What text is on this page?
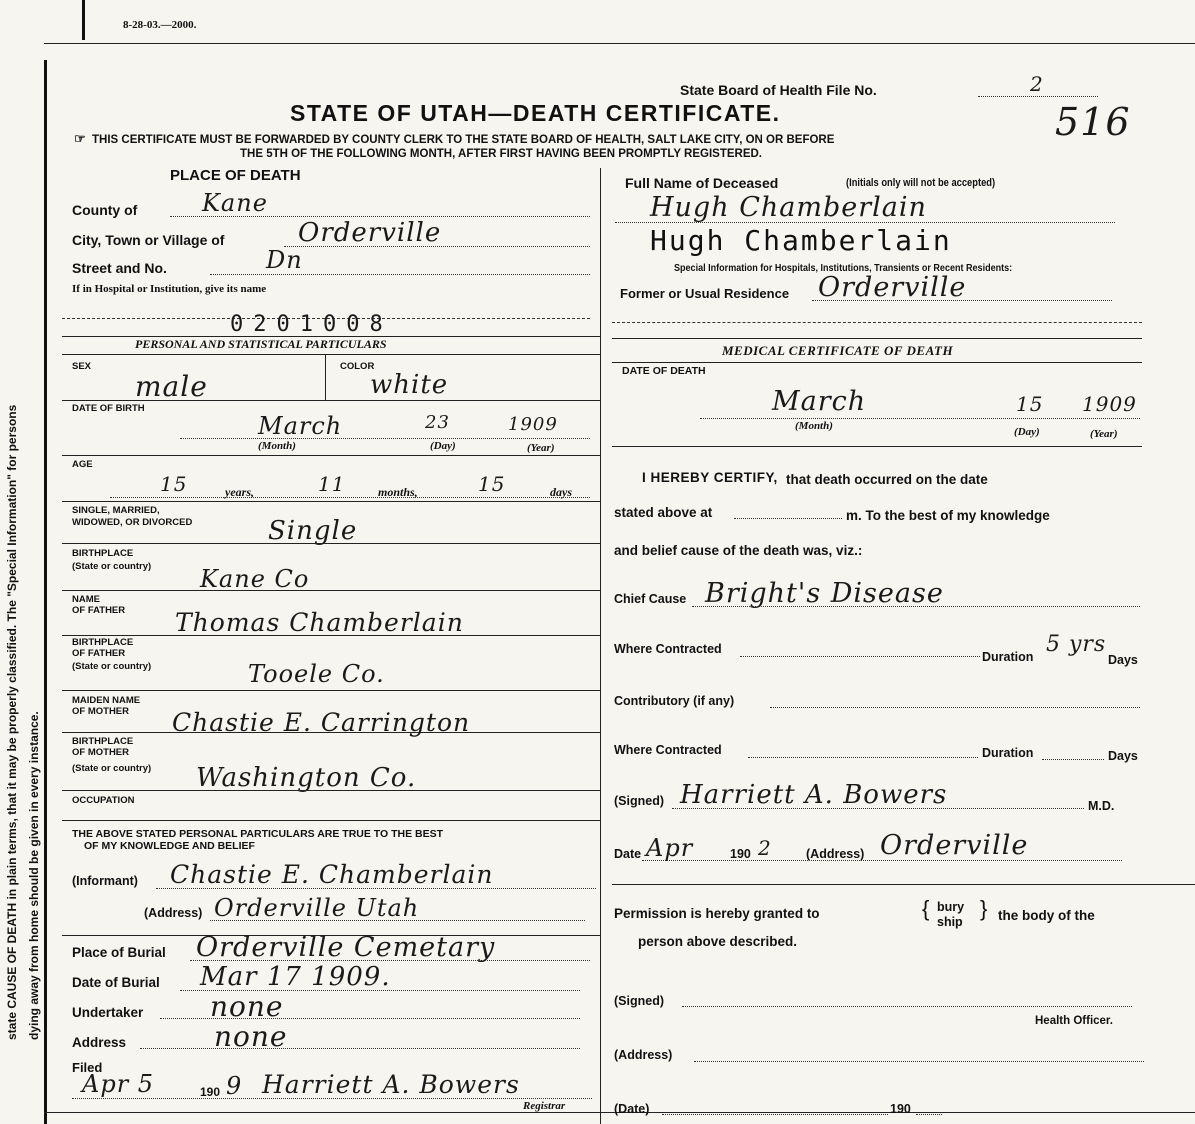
state CAUSE OF DEATH in plain terms, that it may be properly classified. The "Special Information" for persons dying away from home should be given in every instance.
8-28-03.—2000.
State Board of Health File No.	2
516
STATE OF UTAH—DEATH CERTIFICATE.
☞ THIS CERTIFICATE MUST BE FORWARDED BY COUNTY CLERK TO THE STATE BOARD OF HEALTH, SALT LAKE CITY, ON OR BEFORE
THE 5TH OF THE FOLLOWING MONTH, AFTER FIRST HAVING BEEN PROMPTLY REGISTERED.
PLACE OF DEATH
County of	Kane
City, Town or Village of	Orderville
Street and No.	Dn
If in Hospital or Institution, give its name
0201008
PERSONAL AND STATISTICAL PARTICULARS
SEX	COLOR
male	white
DATE OF BIRTH
March	23	1909
(Month)	(Day)	(Year)
AGE
15	years,	11	months,	15	days
SINGLE, MARRIED,
WIDOWED, OR DIVORCED	Single
BIRTHPLACE
(State or country) Kane Co
NAME
OF FATHER Thomas Chamberlain
BIRTHPLACE
OF FATHER
(State or country)	Tooele Co.
MAIDEN NAME
OF MOTHER Chastie E. Carrington
BIRTHPLACE
OF MOTHER
(State or country) Washington Co.
OCCUPATION
THE ABOVE STATED PERSONAL PARTICULARS ARE TRUE TO THE BEST
OF MY KNOWLEDGE AND BELIEF
(Informant) Chastie E. Chamberlain
(Address) Orderville Utah
Place of Burial Orderville Cemetary
Date of Burial Mar 17 1909.
Undertaker none
Address	none
Filed
Apr 5	190 9 Harriett A. Bowers
Registrar
Full Name of Deceased	(Initials only will not be accepted)
Hugh Chamberlain
Hugh Chamberlain
Special Information for Hospitals, Institutions, Transients or Recent Residents:
Former or Usual Residence Orderville
MEDICAL CERTIFICATE OF DEATH
DATE OF DEATH
March	15 1909
(Month)	(Day)	(Year)
I HEREBY CERTIFY, that death occurred on the date
stated above at	m. To the best of my knowledge
and belief cause of the death was, viz.:
Chief Cause Bright's Disease
Where Contracted
Duration 5 yrs
Days
Contributory (if any)
Where Contracted	Duration	Days
(Signed) Harriett A. Bowers	M.D.
Date Apr	190 2	(Address) Orderville
Permission is hereby granted to	{ bury
ship
} the body of the
person above described.
(Signed)
Health Officer.
(Address)
(Date)	190
